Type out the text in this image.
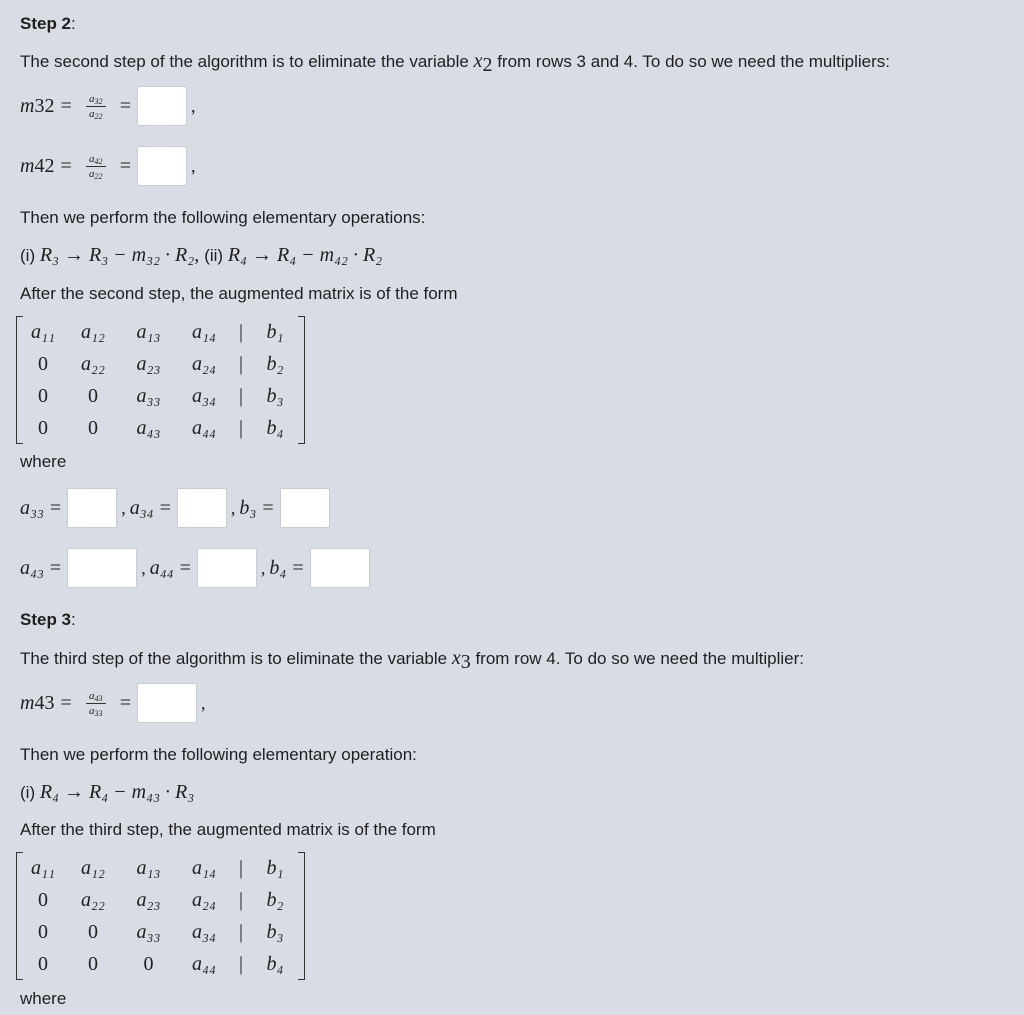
Step 2:
The second step of the algorithm is to eliminate the variable $x_2$ from rows 3 and 4. To do so we need the multipliers:
m $32 = \frac{a_{32}}{a_{22}}$ =	,
m $42 = \frac{a_{42}}{a_{22}}$ =	,
Then we perform the following elementary operations:
(i) R₃ → R₃ − m₃₂ · R₂, (ii) R₄ → R₄ − m₄₂ · R₂
After the second step, the augmented matrix is of the form
a₁₁	a₁₂	a₁₃	a₁₄	|	b₁
0	a₂₂	a₂₃	a₂₄	|	b₂
0	0	a₃₃	a₃₄	|	b₃
0	0	a₄₃	a₄₄	|	b₄
where
a₃₃ =	, a₃₄ =	, b₃ =
a₄₃ =	, a₄₄ =	, b₄ =
Step 3:
The third step of the algorithm is to eliminate the variable $x_3$ from row 4. To do so we need the multiplier:
m $43 = \frac{a_{43}}{a_{33}}$ =	,
Then we perform the following elementary operation:
(i) R₄ → R₄ − m₄₃ · R₃
After the third step, the augmented matrix is of the form
a₁₁	a₁₂	a₁₃	a₁₄	|	b₁
0	a₂₂	a₂₃	a₂₄	|	b₂
0	0	a₃₃	a₃₄	|	b₃
0	0	0	a₄₄	|	b₄
where
